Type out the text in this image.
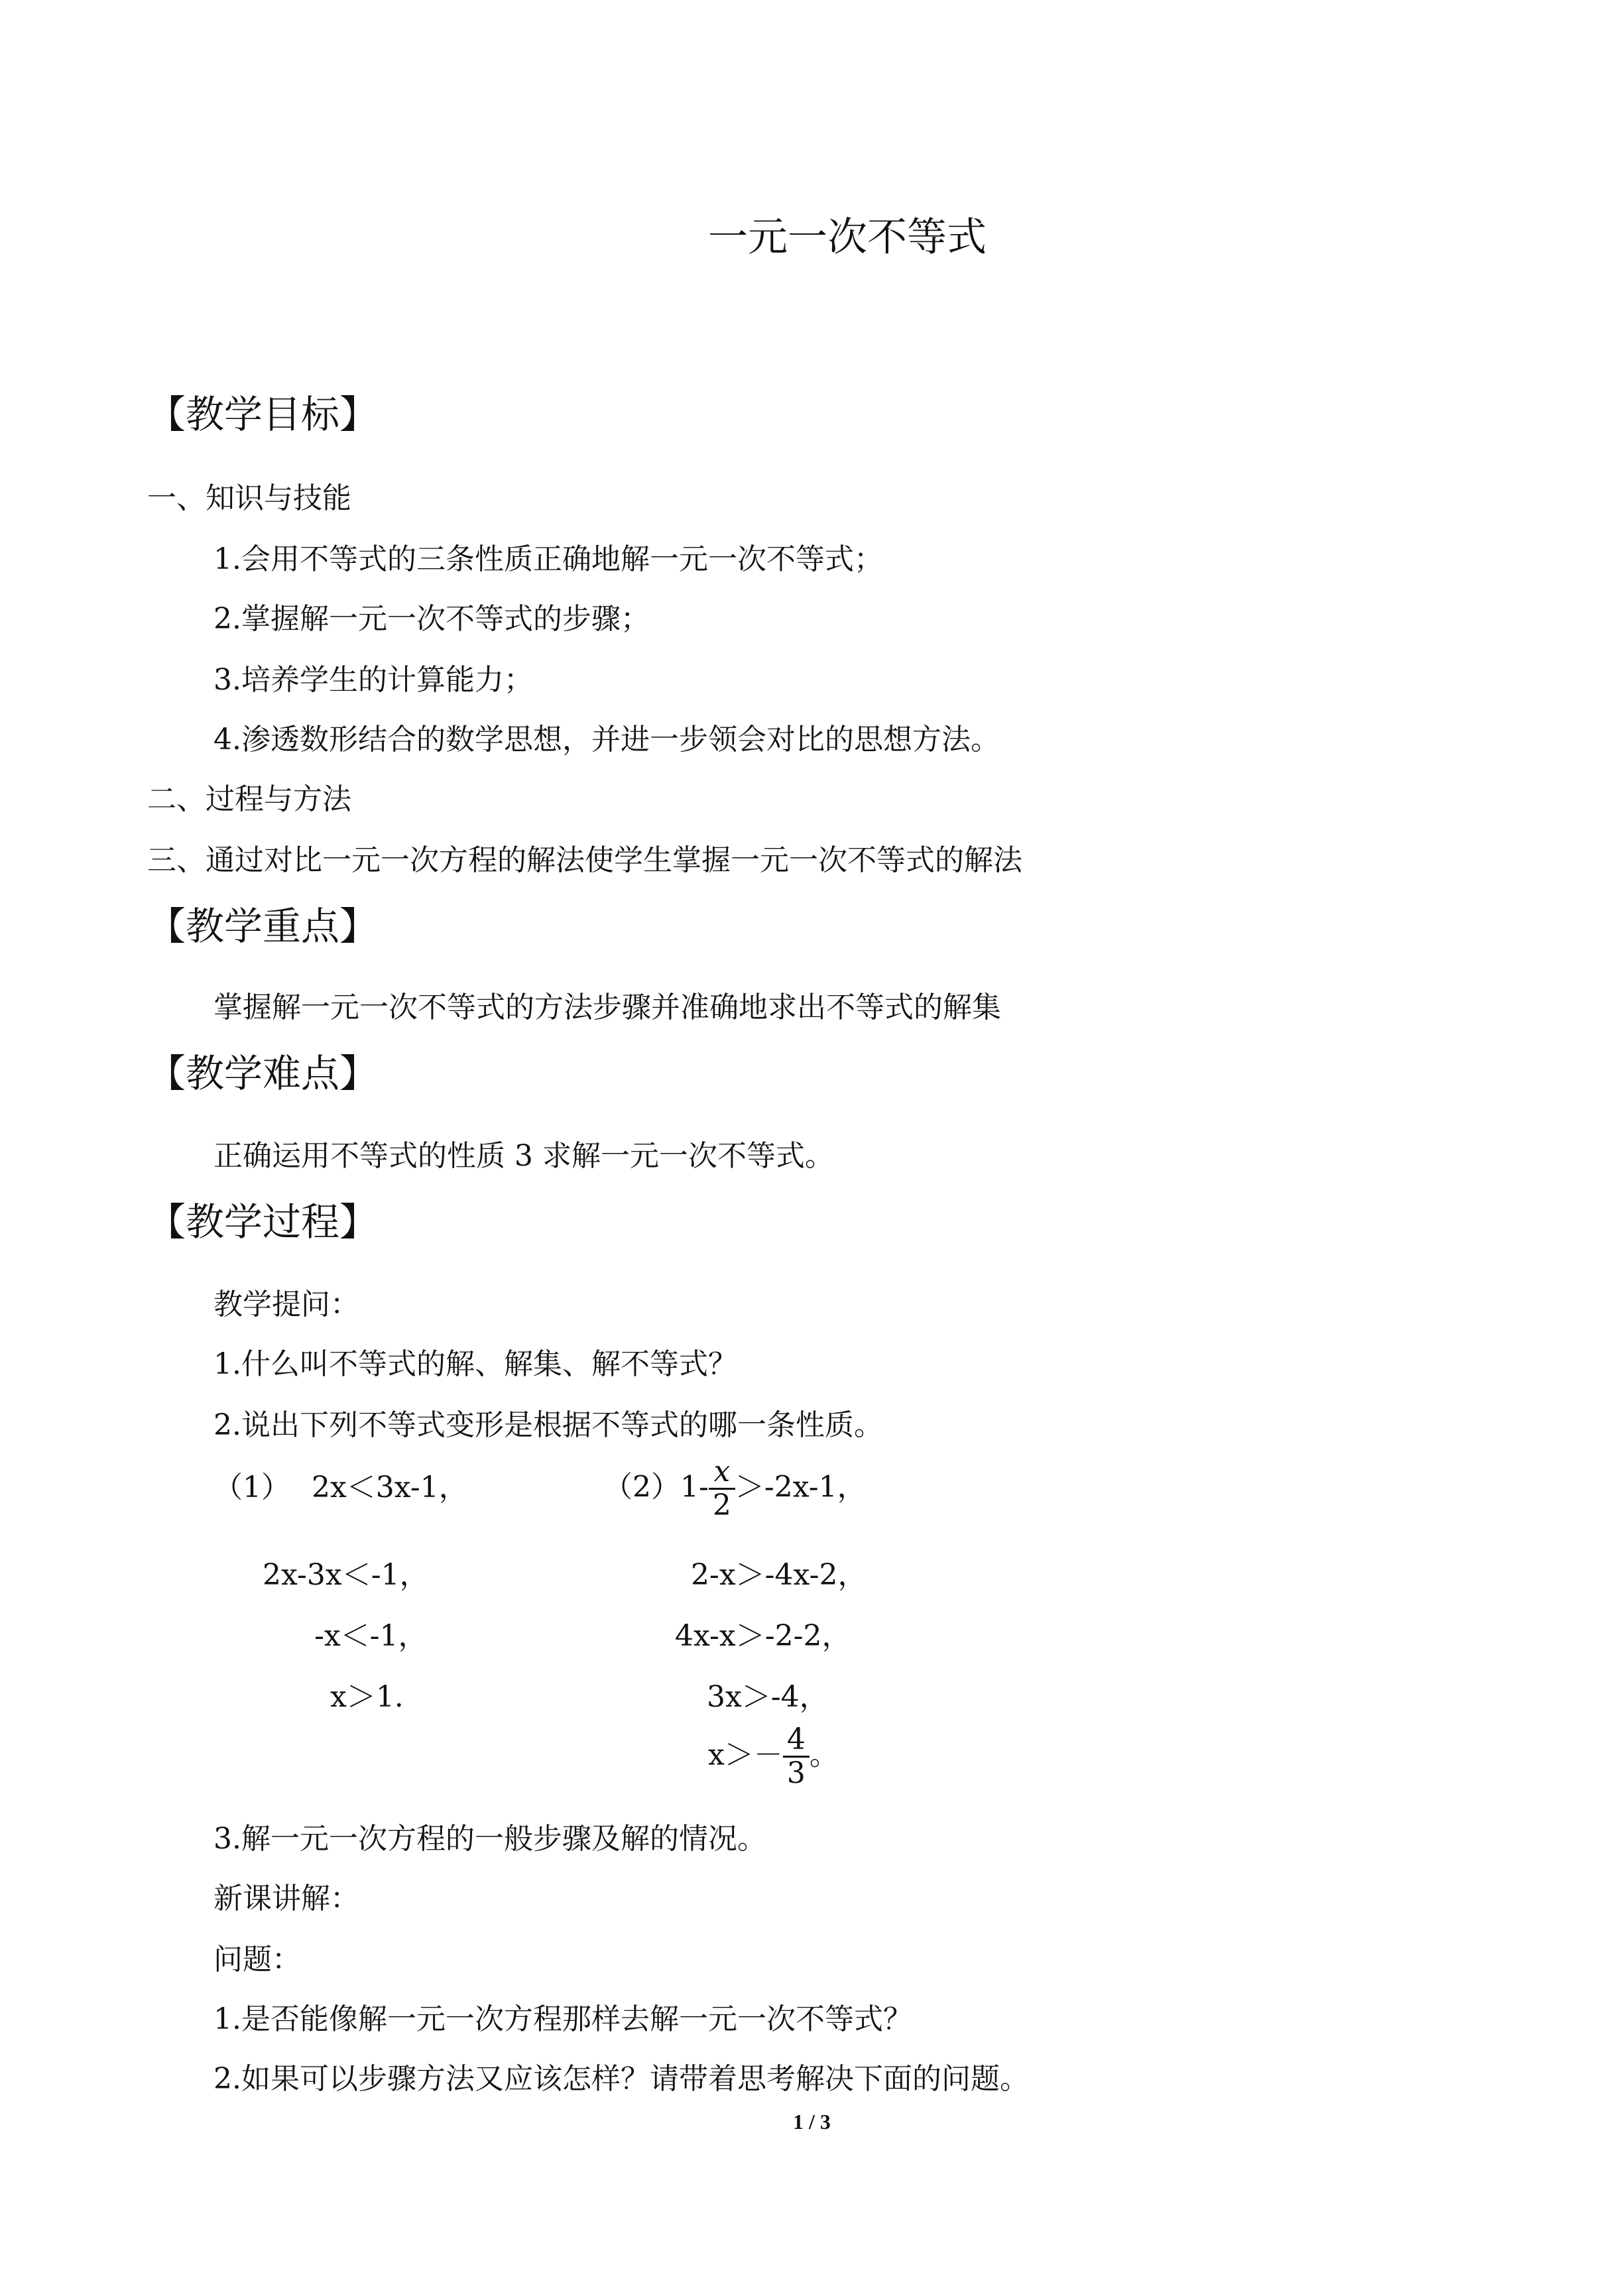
一元一次不等式
【教学目标】
一、知识与技能
1.会用不等式的三条性质正确地解一元一次不等式；
2.掌握解一元一次不等式的步骤；
3.培养学生的计算能力；
4.渗透数形结合的数学思想，并进一步领会对比的思想方法。
二、过程与方法
三、通过对比一元一次方程的解法使学生掌握一元一次不等式的解法
【教学重点】
掌握解一元一次不等式的方法步骤并准确地求出不等式的解集
【教学难点】
正确运用不等式的性质 3 求解一元一次不等式。
【教学过程】
教学提问：
1.什么叫不等式的解、解集、解不等式？
2.说出下列不等式变形是根据不等式的哪一条性质。
（1） 2x＜3x-1，
2x-3x＜-1，
-x＜-1，
x＞1.
$(2)1- \frac{x}{2} >-2x-1$，
2-x＞-4x-2，
4x-x＞-2-2，
3x＞-4，
$x>- \frac{4}{3}$ 。
3.解一元一次方程的一般步骤及解的情况。
新课讲解：
问题：
1.是否能像解一元一次方程那样去解一元一次不等式？
2.如果可以步骤方法又应该怎样？请带着思考解决下面的问题。
1 / 3
